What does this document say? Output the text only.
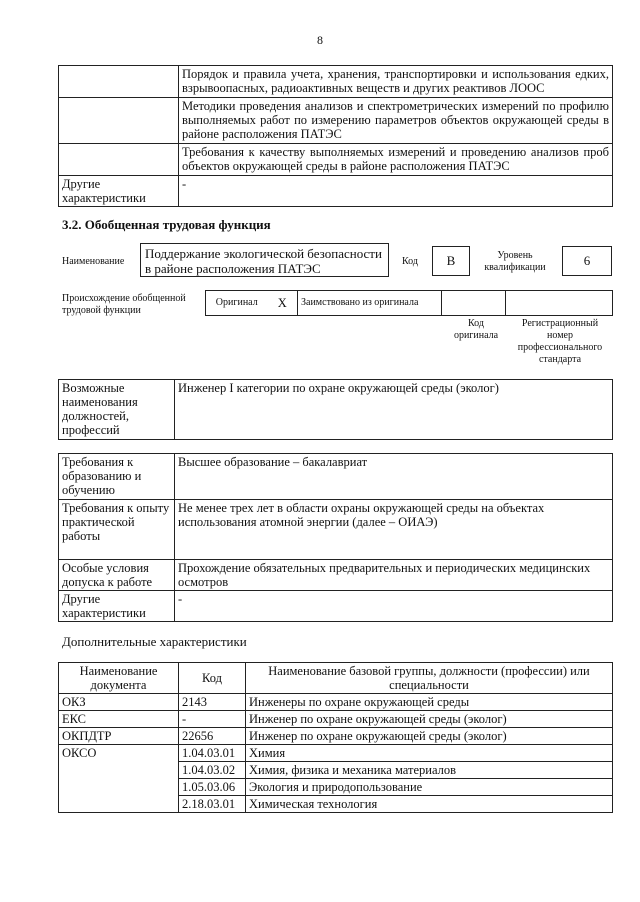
8
	Порядок и правила учета, хранения, транспортировки и использования едких, взрывоопасных, радиоактивных веществ и других реактивов ЛООС
	Методики проведения анализов и спектрометрических измерений по профилю выполняемых работ по измерению параметров объектов окружающей среды в районе расположения ПАТЭС
	Требования к качеству выполняемых измерений и проведению анализов проб объектов окружающей среды в районе расположения ПАТЭС
Другие характеристики	-
3.2. Обобщенная трудовая функция
Наименование
Поддержание экологической безопасности в районе расположения ПАТЭС	Код	B	Уровень квалификации	6
Происхождение обобщенной трудовой функции
Оригинал	X	Заимствовано из оригинала		
Код оригинала
Регистрационный номер профессионального стандарта
Возможные наименования должностей, профессий	Инженер I категории по охране окружающей среды (эколог)
Требования к образованию и обучению	Высшее образование – бакалавриат
Требования к опыту практической работы	Не менее трех лет в области охраны окружающей среды на объектах использования атомной энергии (далее – ОИАЭ)
Особые условия допуска к работе	Прохождение обязательных предварительных и периодических медицинских осмотров
Другие характеристики	-
Дополнительные характеристики
Наименование документа	Код	Наименование базовой группы, должности (профессии) или специальности
ОКЗ	2143	Инженеры по охране окружающей среды
ЕКС	-	Инженер по охране окружающей среды (эколог)
ОКПДТР	22656	Инженер по охране окружающей среды (эколог)
ОКСО	1.04.03.01	Химия
	1.04.03.02	Химия, физика и механика материалов
	1.05.03.06	Экология и природопользование
	2.18.03.01	Химическая технология
